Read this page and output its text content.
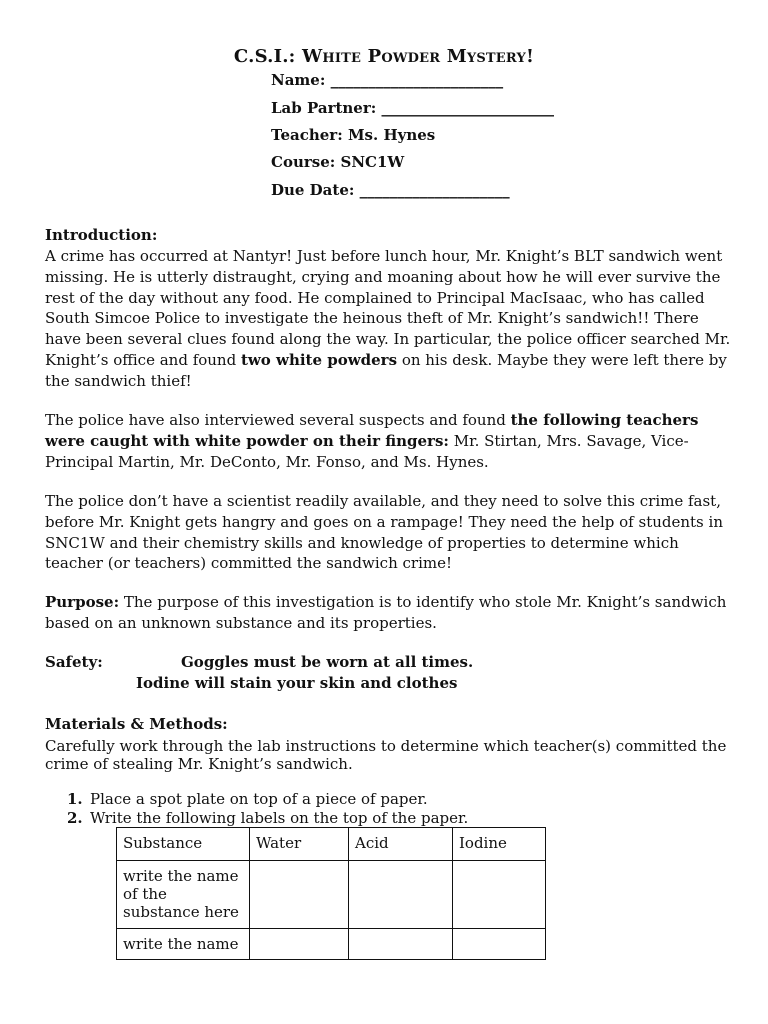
C.S.I.: White Powder Mystery!
Name: _______________________
Lab Partner: _______________________
Teacher: Ms. Hynes
Course: SNC1W
Due Date: ____________________
Introduction:

A crime has occurred at Nantyr! Just before lunch hour, Mr. Knight’s BLT sandwich went missing. He is utterly distraught, crying and moaning about how he will ever survive the rest of the day without any food. He complained to Principal MacIsaac, who has called South Simcoe Police to investigate the heinous theft of Mr. Knight’s sandwich!! There have been several clues found along the way. In particular, the police officer searched Mr. Knight’s office and found two white powders on his desk. Maybe they were left there by the sandwich thief!

The police have also interviewed several suspects and found the following teachers were caught with white powder on their fingers: Mr. Stirtan, Mrs. Savage, Vice-Principal Martin, Mr. DeConto, Mr. Fonso, and Ms. Hynes.

The police don’t have a scientist readily available, and they need to solve this crime fast, before Mr. Knight gets hangry and goes on a rampage! They need the help of students in SNC1W and their chemistry skills and knowledge of properties to determine which teacher (or teachers) committed the sandwich crime!

Purpose: The purpose of this investigation is to identify who stole Mr. Knight’s sandwich based on an unknown substance and its properties.

Safety:	Goggles must be worn at all times.
Iodine will stain your skin and clothes
Materials & Methods:
Carefully work through the lab instructions to determine which teacher(s) committed the crime of stealing Mr. Knight’s sandwich.
1. Place a spot plate on top of a piece of paper.
2. Write the following labels on the top of the paper.
Substance	Water	Acid	Iodine
write the name of the substance here			
write the name			
